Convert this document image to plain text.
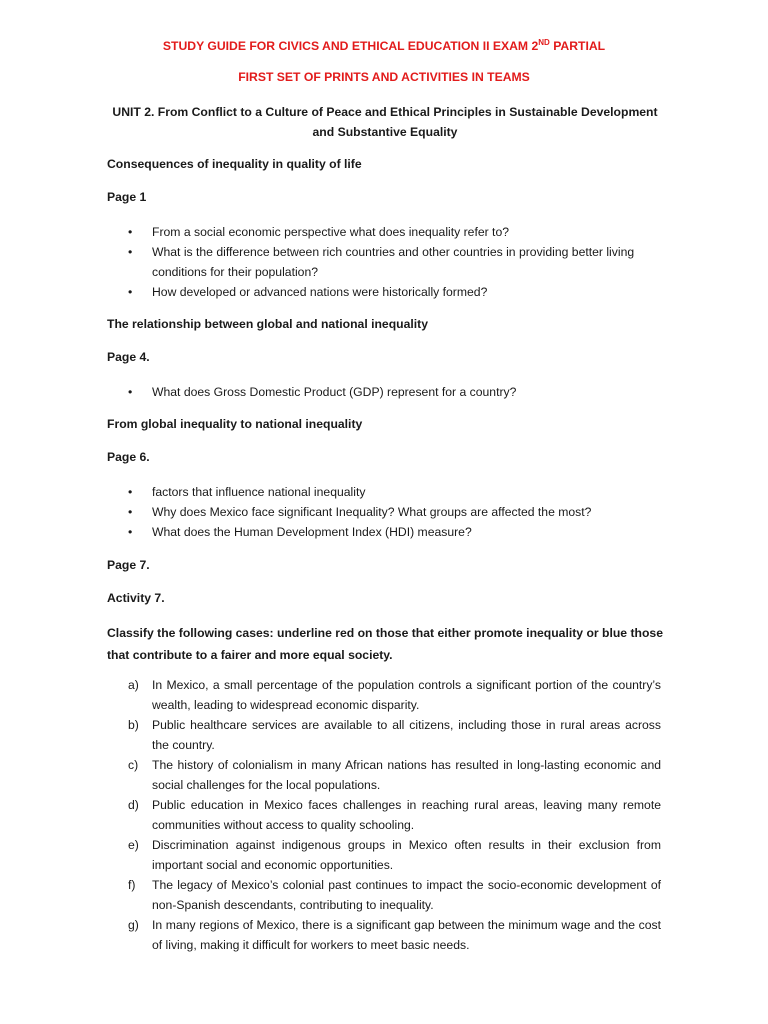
STUDY GUIDE FOR CIVICS AND ETHICAL EDUCATION II EXAM 2ND PARTIAL
FIRST SET OF PRINTS AND ACTIVITIES IN TEAMS
UNIT 2. From Conflict to a Culture of Peace and Ethical Principles in Sustainable Development and Substantive Equality
Consequences of inequality in quality of life
Page 1
• From a social economic perspective what does inequality refer to?
• What is the difference between rich countries and other countries in providing better living conditions for their population?
• How developed or advanced nations were historically formed?
The relationship between global and national inequality
Page 4.
• What does Gross Domestic Product (GDP) represent for a country?
From global inequality to national inequality
Page 6.
• factors that influence national inequality
• Why does Mexico face significant Inequality? What groups are affected the most?
• What does the Human Development Index (HDI) measure?
Page 7.
Activity 7.
Classify the following cases: underline red on those that either promote inequality or blue those that contribute to a fairer and more equal society.
a) In Mexico, a small percentage of the population controls a significant portion of the country’s wealth, leading to widespread economic disparity.
b) Public healthcare services are available to all citizens, including those in rural areas across the country.
c) The history of colonialism in many African nations has resulted in long-lasting economic and social challenges for the local populations.
d) Public education in Mexico faces challenges in reaching rural areas, leaving many remote communities without access to quality schooling.
e) Discrimination against indigenous groups in Mexico often results in their exclusion from important social and economic opportunities.
f) The legacy of Mexico’s colonial past continues to impact the socio-economic development of non-Spanish descendants, contributing to inequality.
g) In many regions of Mexico, there is a significant gap between the minimum wage and the cost of living, making it difficult for workers to meet basic needs.
